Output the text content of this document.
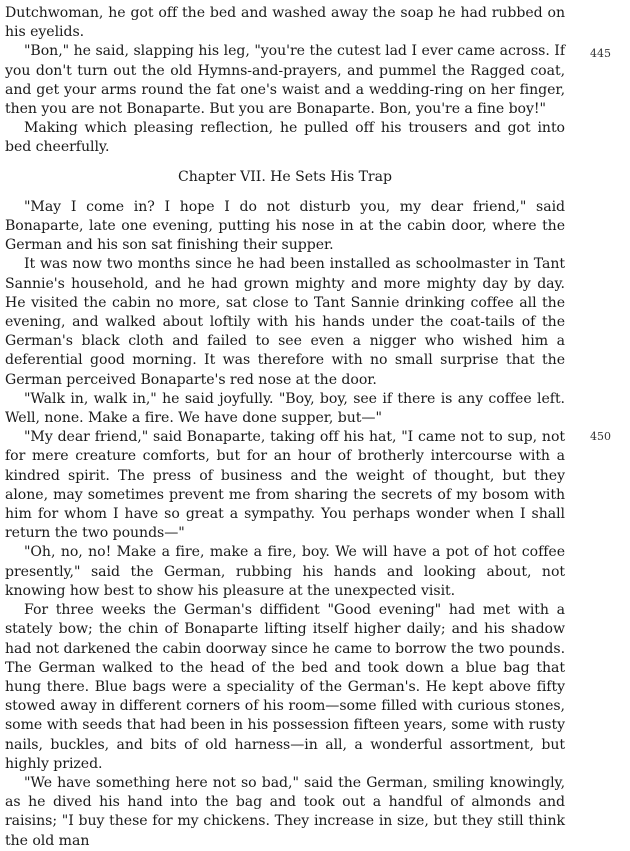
Dutchwoman, he got off the bed and washed away the soap he had rubbed on his eyelids.

"Bon," he said, slapping his leg, "you're the cutest lad I ever came across. If you don't turn out the old Hymns-and-prayers, and pummel the Ragged coat, and get your arms round the fat one's waist and a wedding-ring on her finger, then you are not Bonaparte. But you are Bonaparte. Bon, you're a fine boy!"

Making which pleasing reflection, he pulled off his trousers and got into bed cheerfully.

Chapter VII. He Sets His Trap

"May I come in? I hope I do not disturb you, my dear friend," said Bonaparte, late one evening, putting his nose in at the cabin door, where the German and his son sat finishing their supper.

It was now two months since he had been installed as schoolmaster in Tant Sannie's household, and he had grown mighty and more mighty day by day. He visited the cabin no more, sat close to Tant Sannie drinking coffee all the evening, and walked about loftily with his hands under the coat-tails of the German's black cloth and failed to see even a nigger who wished him a deferential good morning. It was therefore with no small surprise that the German perceived Bonaparte's red nose at the door.

"Walk in, walk in," he said joyfully. "Boy, boy, see if there is any coffee left. Well, none. Make a fire. We have done supper, but—"

"My dear friend," said Bonaparte, taking off his hat, "I came not to sup, not for mere creature comforts, but for an hour of brotherly intercourse with a kindred spirit. The press of business and the weight of thought, but they alone, may sometimes prevent me from sharing the secrets of my bosom with him for whom I have so great a sympathy. You perhaps wonder when I shall return the two pounds—"

"Oh, no, no! Make a fire, make a fire, boy. We will have a pot of hot coffee presently," said the German, rubbing his hands and looking about, not knowing how best to show his pleasure at the unexpected visit.

For three weeks the German's diffident "Good evening" had met with a stately bow; the chin of Bonaparte lifting itself higher daily; and his shadow had not darkened the cabin doorway since he came to borrow the two pounds. The German walked to the head of the bed and took down a blue bag that hung there. Blue bags were a speciality of the German's. He kept above fifty stowed away in different corners of his room—some filled with curious stones, some with seeds that had been in his possession fifteen years, some with rusty nails, buckles, and bits of old harness—in all, a wonderful assortment, but highly prized.

"We have something here not so bad," said the German, smiling knowingly, as he dived his hand into the bag and took out a handful of almonds and raisins; "I buy these for my chickens. They increase in size, but they still think the old man

445
450
